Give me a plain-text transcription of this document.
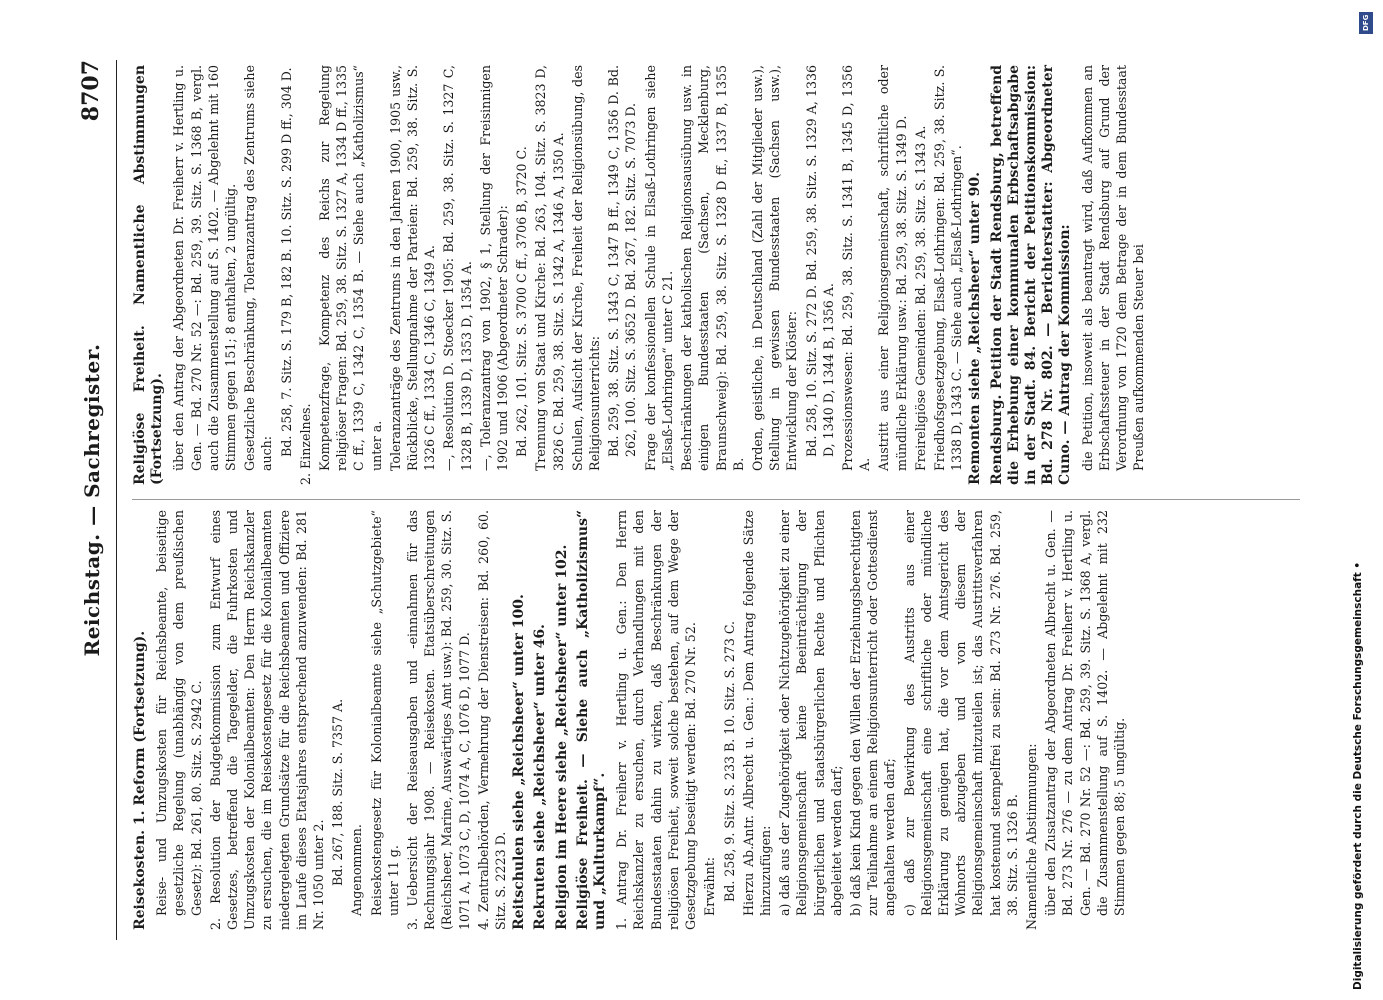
Reichstag. — Sachregister.
8707
Reisekosten. 1. Reform (Fortsetzung). Reise- und Umzugskosten für Reichsbeamte, beiseitige gesetzliche Regelung (unabhängig von dem preußischen Gesetz): Bd. 261, 80. Sitz. S. 2942 C. 2. Resolution der Budgetkommission zum Entwurf eines Gesetzes, betreffend die Tagegelder, die Fuhrkosten und Umzugskosten der Kolonialbeamten: Den Herrn Reichskanzler zu ersuchen, die im Reisekostengesetz für die Kolonialbeamten niedergelegten Grundsätze für die Reichsbeamten und Offiziere im Laufe dieses Etatsjahres entsprechend anzuwenden: Bd. 281 Nr. 1050 unter 2. Bd. 267, 188. Sitz. S. 7357 A. Angenommen. Reisekostengesetz für Kolonialbeamte siehe „Schutzgebiete“ unter 11 g. 3. Uebersicht der Reiseausgaben und -einnahmen für das Rechnungsjahr 1908. — Reisekosten. Etatsüberschreitungen (Reichsheer, Marine, Auswärtiges Amt usw.): Bd. 259, 30. Sitz. S. 1071 A, 1073 C, D, 1074 A, C, 1076 D, 1077 D. 4. Zentralbehörden, Vermehrung der Dienstreisen: Bd. 260, 60. Sitz. S. 2223 D. Reitschulen siehe „Reichsheer“ unter 100. Rekruten siehe „Reichsheer“ unter 46. Religion im Heere siehe „Reichsheer“ unter 102. Religiöse Freiheit. — Siehe auch „Katholizismus“ und „Kulturkampf“. 1. Antrag Dr. Freiherr v. Hertling u. Gen.: Den Herrn Reichskanzler zu ersuchen, durch Verhandlungen mit den Bundesstaaten dahin zu wirken, daß Beschränkungen der religiösen Freiheit, soweit solche bestehen, auf dem Wege der Gesetzgebung beseitigt werden: Bd. 270 Nr. 52. Erwähnt: Bd. 258, 9. Sitz. S. 233 B. 10. Sitz. S. 273 C. Hierzu Ab.Antr. Albrecht u. Gen.: Dem Antrag folgende Sätze hinzuzufügen: a) daß aus der Zugehörigkeit oder Nichtzugehörigkeit zu einer Religionsgemeinschaft keine Beeinträchtigung der bürgerlichen und staatsbürgerlichen Rechte und Pflichten abgeleitet werden darf; b) daß kein Kind gegen den Willen der Erziehungsberechtigten zur Teilnahme an einem Religionsunterricht oder Gottesdienst angehalten werden darf; c) daß zur Bewirkung des Austritts aus einer Religionsgemeinschaft eine schriftliche oder mündliche Erklärung zu genügen hat, die vor dem Amtsgericht des Wohnorts abzugeben und von diesem der Religionsgemeinschaft mitzuteilen ist; das Austrittsverfahren hat kostenund stempelfrei zu sein: Bd. 273 Nr. 276. Bd. 259, 38. Sitz. S. 1326 B. Namentliche Abstimmungen: über den Zusatzantrag der Abgeordneten Albrecht u. Gen. — Bd. 273 Nr. 276 — zu dem Antrag Dr. Freiherr v. Hertling u. Gen. — Bd. 270 Nr. 52 —: Bd. 259, 39. Sitz. S. 1368 A, vergl. die Zusammenstellung auf S. 1402. — Abgelehnt mit 232 Stimmen gegen 88; 5 ungültig.
Religiöse Freiheit. Namentliche Abstimmungen (Fortsetzung). über den Antrag der Abgeordneten Dr. Freiherr v. Hertling u. Gen. — Bd. 270 Nr. 52 —: Bd. 259, 39. Sitz. S. 1368 B, vergl. auch die Zusammenstellung auf S. 1402. — Abgelehnt mit 160 Stimmen gegen 151; 8 enthalten, 2 ungültig. Gesetzliche Beschränkung, Toleranzantrag des Zentrums siehe auch: Bd. 258, 7. Sitz. S. 179 B, 182 B. 10. Sitz. S. 299 D ff., 304 D. 2. Einzelnes. Kompetenzfrage, Kompetenz des Reichs zur Regelung religiöser Fragen: Bd. 259, 38. Sitz. S. 1327 A, 1334 D ff., 1335 C ff., 1339 C, 1342 C, 1354 B. — Siehe auch „Katholizismus“ unter a. Toleranzanträge des Zentrums in den Jahren 1900, 1905 usw., Rückblicke, Stellungnahme der Parteien: Bd. 259, 38. Sitz. S. 1326 C ff., 1334 C, 1346 C, 1349 A. —, Resolution D. Stoecker 1905: Bd. 259, 38. Sitz. S. 1327 C, 1328 B, 1339 D, 1353 D, 1354 A. —, Toleranzantrag von 1902, § 1, Stellung der Freisinnigen 1902 und 1906 (Abgeordneter Schrader): Bd. 262, 101. Sitz. S. 3700 C ff., 3706 B, 3720 C. Trennung von Staat und Kirche: Bd. 263, 104. Sitz. S. 3823 D, 3826 C. Bd. 259, 38. Sitz. S. 1342 A, 1346 A, 1350 A. Schulen, Aufsicht der Kirche, Freiheit der Religionsübung, des Religionsunterrichts: Bd. 259, 38. Sitz. S. 1343 C, 1347 B ff., 1349 C, 1356 D. Bd. 262, 100. Sitz. S. 3652 D. Bd. 267, 182. Sitz. S. 7073 D. Frage der konfessionellen Schule in Elsaß-Lothringen siehe „Elsaß-Lothringen“ unter C 21. Beschränkungen der katholischen Religionsausübung usw. in einigen Bundesstaaten (Sachsen, Mecklenburg, Braunschweig): Bd. 259, 38. Sitz. S. 1328 D ff., 1337 B, 1355 B. Orden, geistliche, in Deutschland (Zahl der Mitglieder usw.), Stellung in gewissen Bundesstaaten (Sachsen usw.), Entwicklung der Klöster: Bd. 258, 10. Sitz. S. 272 D. Bd. 259, 38. Sitz. S. 1329 A, 1336 D, 1340 D, 1344 B, 1356 A. Prozessionswesen: Bd. 259, 38. Sitz. S. 1341 B, 1345 D, 1356 A. Austritt aus einer Religionsgemeinschaft, schriftliche oder mündliche Erklärung usw.: Bd. 259, 38. Sitz. S. 1349 D. Freireligiöse Gemeinden: Bd. 259, 38. Sitz. S. 1343 A. Friedhofsgesetzgebung, Elsaß-Lothringen: Bd. 259, 38. Sitz. S. 1338 D, 1343 C. — Siehe auch „Elsaß-Lothringen“. Remonten siehe „Reichsheer“ unter 90. Rendsburg. Petition der Stadt Rendsburg, betreffend die Erhebung einer kommunalen Erbschaftsabgabe in der Stadt. 84. Bericht der Petitionskommission: Bd. 278 Nr. 802. — Berichterstatter: Abgeordneter Cuno. — Antrag der Kommission: die Petition, insoweit als beantragt wird, daß Aufkommen an Erbschaftssteuer in der Stadt Rendsburg auf Grund der Verordnung von 1720 dem Betrage der in dem Bundesstaat Preußen aufkommenden Steuer bei
Digitalisierung gefördert durch die Deutsche Forschungsgemeinschaft •
DFG
